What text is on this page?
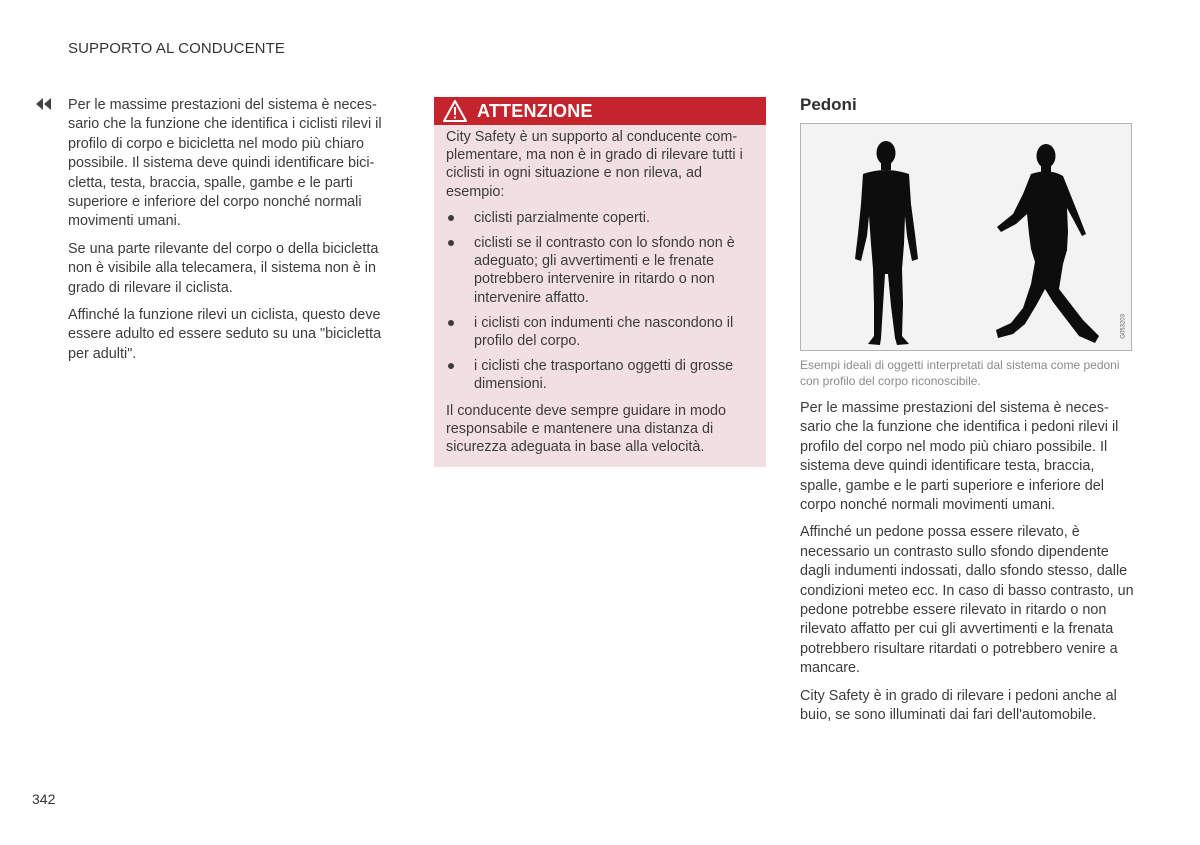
SUPPORTO AL CONDUCENTE

Per le massime prestazioni del sistema è necessario che la funzione che identifica i ciclisti rilevi il profilo di corpo e bicicletta nel modo più chiaro possibile. Il sistema deve quindi identificare bicicletta, testa, braccia, spalle, gambe e le parti superiore e inferiore del corpo nonché normali movimenti umani.

Se una parte rilevante del corpo o della bicicletta non è visibile alla telecamera, il sistema non è in grado di rilevare il ciclista.

Affinché la funzione rilevi un ciclista, questo deve essere adulto ed essere seduto su una "bicicletta per adulti".

ATTENZIONE

City Safety è un supporto al conducente complementare, ma non è in grado di rilevare tutti i ciclisti in ogni situazione e non rileva, ad esempio:

ciclisti parzialmente coperti.
ciclisti se il contrasto con lo sfondo non è adeguato; gli avvertimenti e le frenate potrebbero intervenire in ritardo o non intervenire affatto.
i ciclisti con indumenti che nascondono il profilo del corpo.
i ciclisti che trasportano oggetti di grosse dimensioni.

Il conducente deve sempre guidare in modo responsabile e mantenere una distanza di sicurezza adeguata in base alla velocità.

Pedoni
G053203
Esempi ideali di oggetti interpretati dal sistema come pedoni con profilo del corpo riconoscibile.

Per le massime prestazioni del sistema è necessario che la funzione che identifica i pedoni rilevi il profilo del corpo nel modo più chiaro possibile. Il sistema deve quindi identificare testa, braccia, spalle, gambe e le parti superiore e inferiore del corpo nonché normali movimenti umani.

Affinché un pedone possa essere rilevato, è necessario un contrasto sullo sfondo dipendente dagli indumenti indossati, dallo sfondo stesso, dalle condizioni meteo ecc. In caso di basso contrasto, un pedone potrebbe essere rilevato in ritardo o non rilevato affatto per cui gli avvertimenti e la frenata potrebbero risultare ritardati o potrebbero venire a mancare.

City Safety è in grado di rilevare i pedoni anche al buio, se sono illuminati dai fari dell'automobile.

342
